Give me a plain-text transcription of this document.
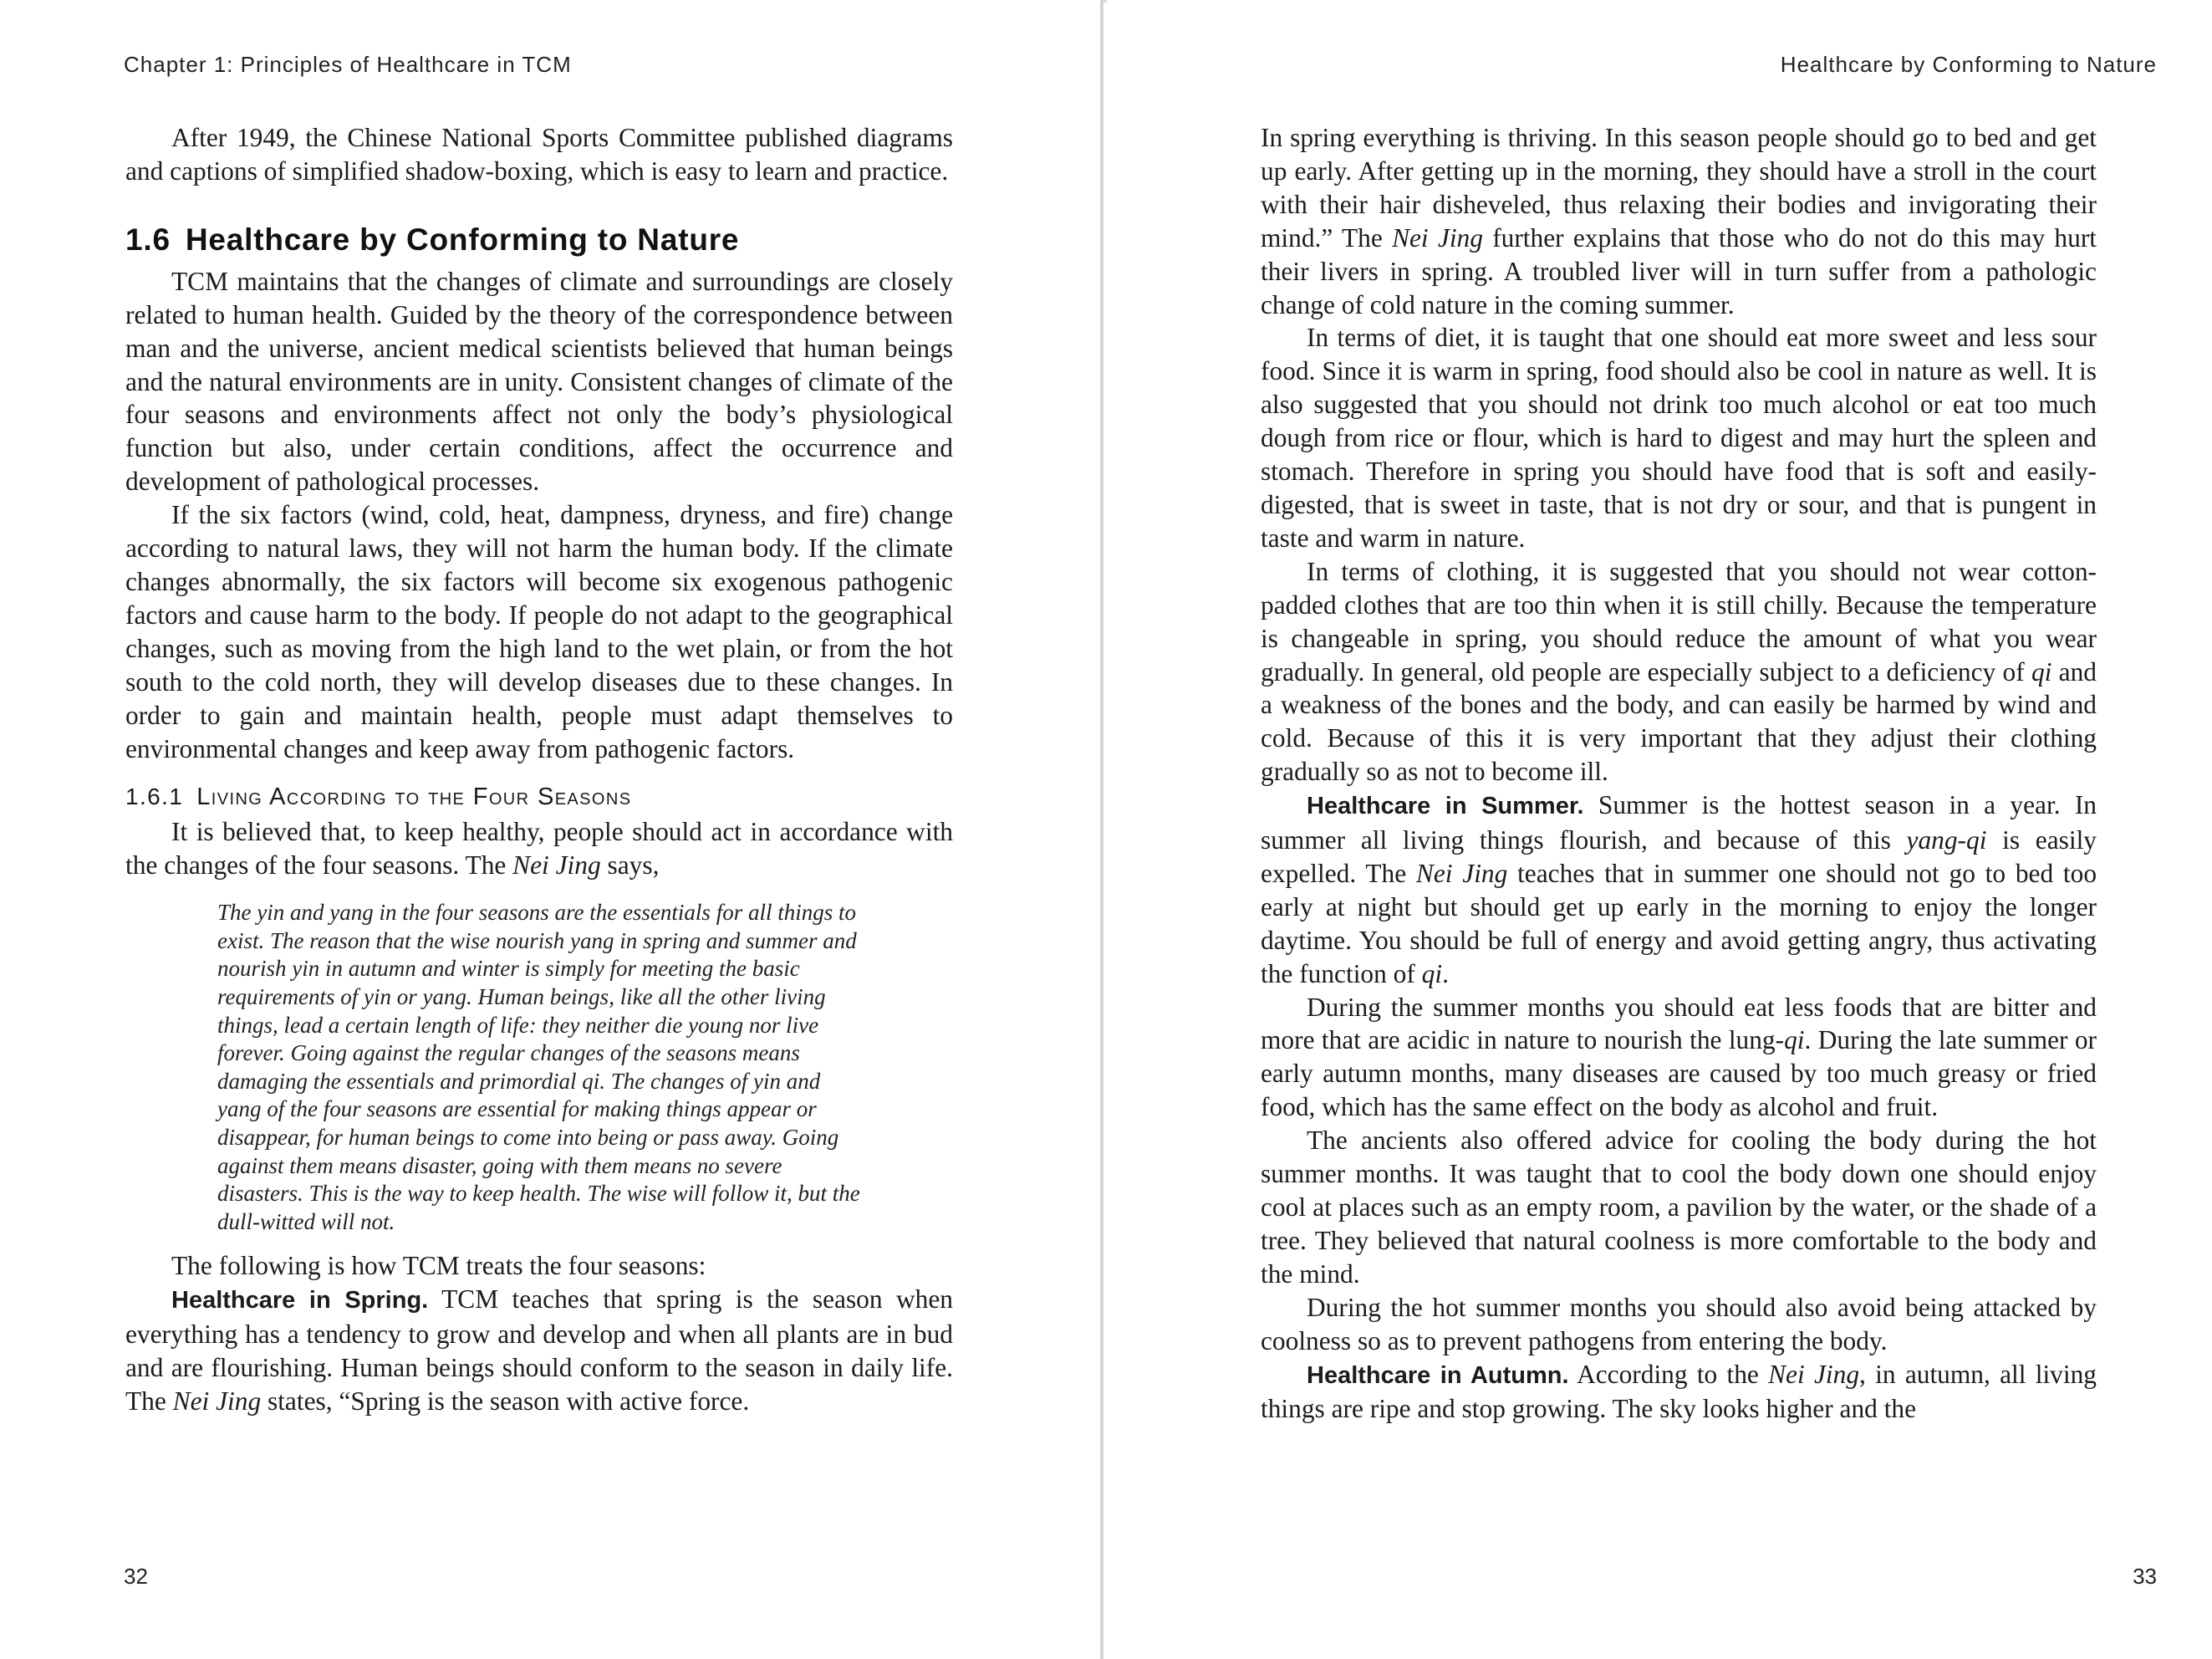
Chapter 1: Principles of Healthcare in TCM

After 1949, the Chinese National Sports Committee published diagrams and captions of simplified shadow-boxing, which is easy to learn and practice.

1.6 Healthcare by Conforming to Nature

TCM maintains that the changes of climate and surroundings are closely related to human health. Guided by the theory of the correspondence between man and the universe, ancient medical scientists believed that human beings and the natural environments are in unity. Consistent changes of climate of the four seasons and environments affect not only the body’s physiological function but also, under certain conditions, affect the occurrence and development of pathological processes.

If the six factors (wind, cold, heat, dampness, dryness, and fire) change according to natural laws, they will not harm the human body. If the climate changes abnormally, the six factors will become six exogenous pathogenic factors and cause harm to the body. If people do not adapt to the geographical changes, such as moving from the high land to the wet plain, or from the hot south to the cold north, they will develop diseases due to these changes. In order to gain and maintain health, people must adapt themselves to environmental changes and keep away from pathogenic factors.

1.6.1 Living According to the Four Seasons

It is believed that, to keep healthy, people should act in accordance with the changes of the four seasons. The Nei Jing says,

The yin and yang in the four seasons are the essentials for all things to exist. The reason that the wise nourish yang in spring and summer and nourish yin in autumn and winter is simply for meeting the basic requirements of yin or yang. Human beings, like all the other living things, lead a certain length of life: they neither die young nor live forever. Going against the regular changes of the seasons means damaging the essentials and primordial qi. The changes of yin and yang of the four seasons are essential for making things appear or disappear, for human beings to come into being or pass away. Going against them means disaster, going with them means no severe disasters. This is the way to keep health. The wise will follow it, but the dull-witted will not.

The following is how TCM treats the four seasons:

Healthcare in Spring. TCM teaches that spring is the season when everything has a tendency to grow and develop and when all plants are in bud and are flourishing. Human beings should conform to the season in daily life. The Nei Jing states, “Spring is the season with active force.

32
Healthcare by Conforming to Nature

In spring everything is thriving. In this season people should go to bed and get up early. After getting up in the morning, they should have a stroll in the court with their hair disheveled, thus relaxing their bodies and invigorating their mind.” The Nei Jing further explains that those who do not do this may hurt their livers in spring. A troubled liver will in turn suffer from a pathologic change of cold nature in the coming summer.

In terms of diet, it is taught that one should eat more sweet and less sour food. Since it is warm in spring, food should also be cool in nature as well. It is also suggested that you should not drink too much alcohol or eat too much dough from rice or flour, which is hard to digest and may hurt the spleen and stomach. Therefore in spring you should have food that is soft and easily-digested, that is sweet in taste, that is not dry or sour, and that is pungent in taste and warm in nature.

In terms of clothing, it is suggested that you should not wear cotton-padded clothes that are too thin when it is still chilly. Because the temperature is changeable in spring, you should reduce the amount of what you wear gradually. In general, old people are especially subject to a deficiency of qi and a weakness of the bones and the body, and can easily be harmed by wind and cold. Because of this it is very important that they adjust their clothing gradually so as not to become ill.

Healthcare in Summer. Summer is the hottest season in a year. In summer all living things flourish, and because of this yang-qi is easily expelled. The Nei Jing teaches that in summer one should not go to bed too early at night but should get up early in the morning to enjoy the longer daytime. You should be full of energy and avoid getting angry, thus activating the function of qi.

During the summer months you should eat less foods that are bitter and more that are acidic in nature to nourish the lung-qi. During the late summer or early autumn months, many diseases are caused by too much greasy or fried food, which has the same effect on the body as alcohol and fruit.

The ancients also offered advice for cooling the body during the hot summer months. It was taught that to cool the body down one should enjoy cool at places such as an empty room, a pavilion by the water, or the shade of a tree. They believed that natural coolness is more comfortable to the body and the mind.

During the hot summer months you should also avoid being attacked by coolness so as to prevent pathogens from entering the body.

Healthcare in Autumn. According to the Nei Jing, in autumn, all living things are ripe and stop growing. The sky looks higher and the

33
